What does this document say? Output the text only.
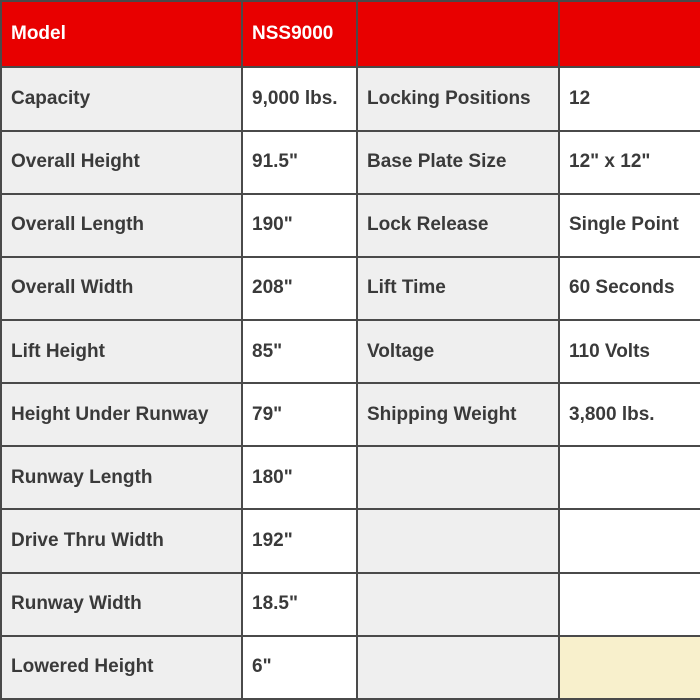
Model	NSS9000		
Capacity	9,000 lbs.	Locking Positions	12
Overall Height	91.5"	Base Plate Size	12" x 12"
Overall Length	190"	Lock Release	Single Point
Overall Width	208"	Lift Time	60 Seconds
Lift Height	85"	Voltage	110 Volts
Height Under Runway	79"	Shipping Weight	3,800 lbs.
Runway Length	180"		
Drive Thru Width	192"		
Runway Width	18.5"		
Lowered Height	6"		
